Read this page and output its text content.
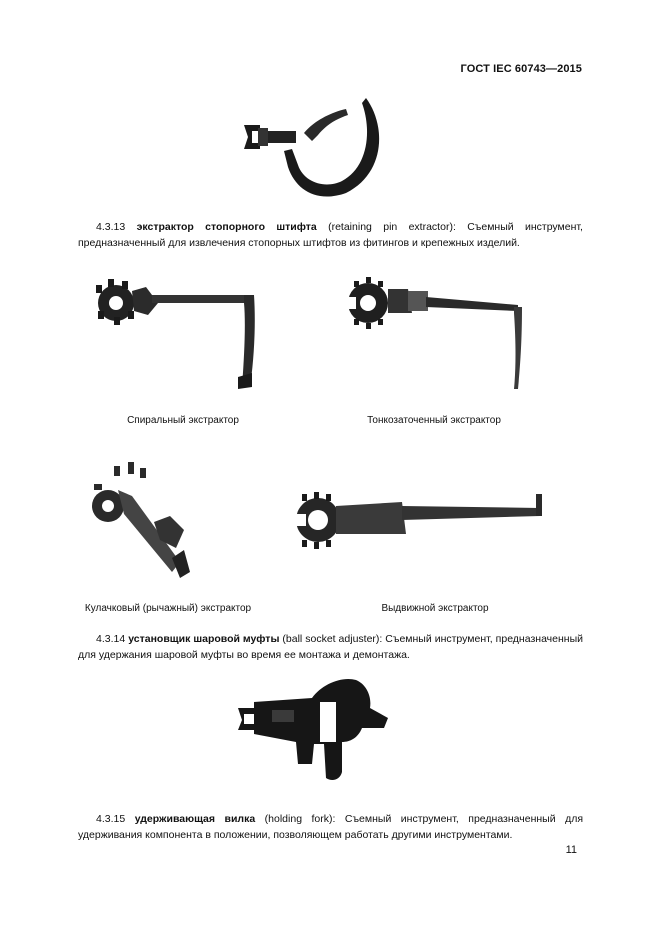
ГОСТ IEC 60743—2015
4.3.13 экстрактор стопорного штифта (retaining pin extractor): Съемный инструмент, предназначенный для извлечения стопорных штифтов из фитингов и крепежных изделий.
Спиральный экстрактор	Тонкозаточенный экстрактор
Кулачковый (рычажный) экстрактор	Выдвижной экстрактор
4.3.14 установщик шаровой муфты (ball socket adjuster): Съемный инструмент, предназначенный для удержания шаровой муфты во время ее монтажа и демонтажа.
4.3.15 удерживающая вилка (holding fork): Съемный инструмент, предназначенный для удерживания компонента в положении, позволяющем работать другими инструментами.
11
